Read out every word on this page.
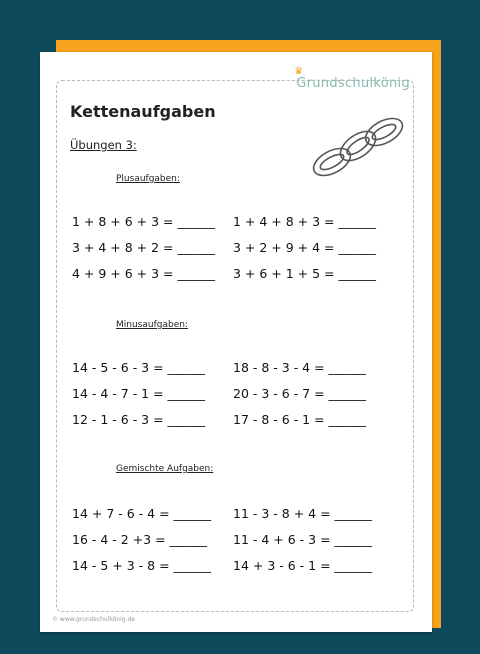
♛
Grundschulkönig
Kettenaufgaben
Übungen 3:
Plusaufgaben:
1 + 8 + 6 + 3 = ______
3 + 4 + 8 + 2 = ______
4 + 9 + 6 + 3 = ______
1 + 4 + 8 + 3 = ______
3 + 2 + 9 + 4 = ______
3 + 6 + 1 + 5 = ______
Minusaufgaben:
14 - 5 - 6 - 3 = ______
14 - 4 - 7 - 1 = ______
12 - 1 - 6 - 3 = ______
18 - 8 - 3 - 4 = ______
20 - 3 - 6 - 7 = ______
17 - 8 - 6 - 1 = ______
Gemischte Aufgaben:
14 + 7 - 6 - 4 = ______
16 - 4 - 2 +3 = ______
14 - 5 + 3 - 8 = ______
11 - 3 - 8 + 4 = ______
11 - 4 + 6 - 3 = ______
14 + 3 - 6 - 1 = ______
© www.grundschulkönig.de
